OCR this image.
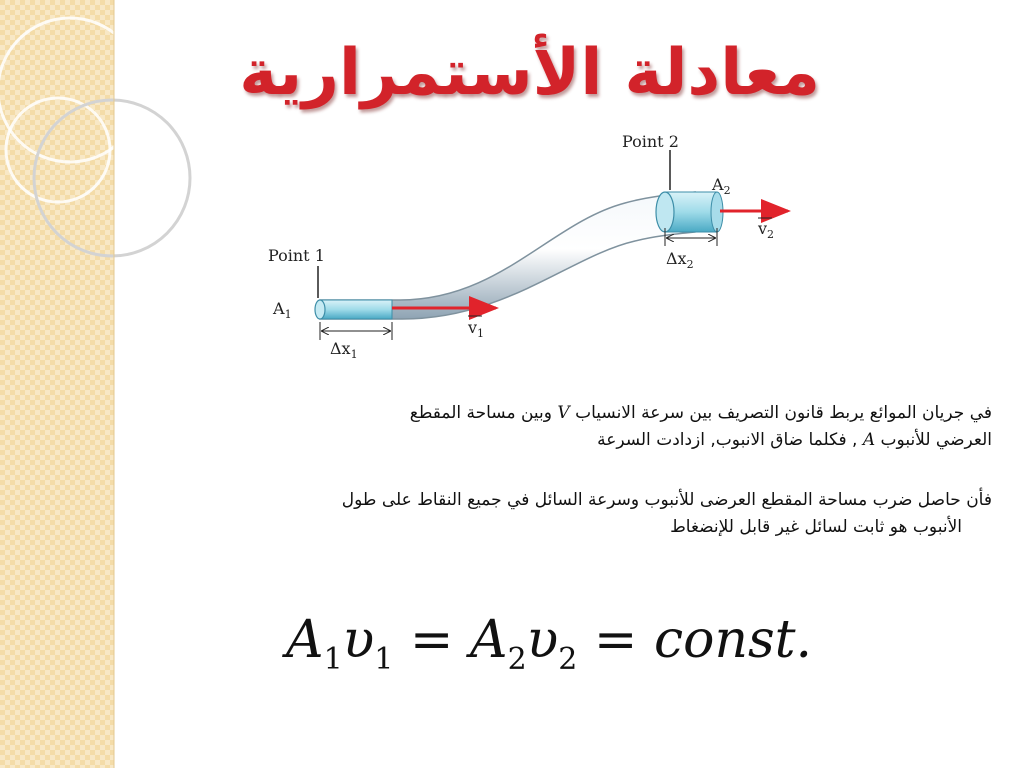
معادلة الأستمرارية
Point 1
Point 2
$A_1$
$A_2$
$v_1$
$v_2$
$\Delta x_1$
$\Delta x_2$
في جريان الموائع يربط قانون التصريف بين سرعة الانسياب V وبين مساحة المقطع
العرضي للأنبوب A , فكلما ضاق الانبوب, ازدادت السرعة
فأن حاصل ضرب مساحة المقطع العرضى للأنبوب وسرعة السائل في جميع النقاط على طول
الأنبوب هو ثابت لسائل غير قابل للإنضغاط
$A_1\upsilon_1 = A_2\upsilon_2$ = const.
